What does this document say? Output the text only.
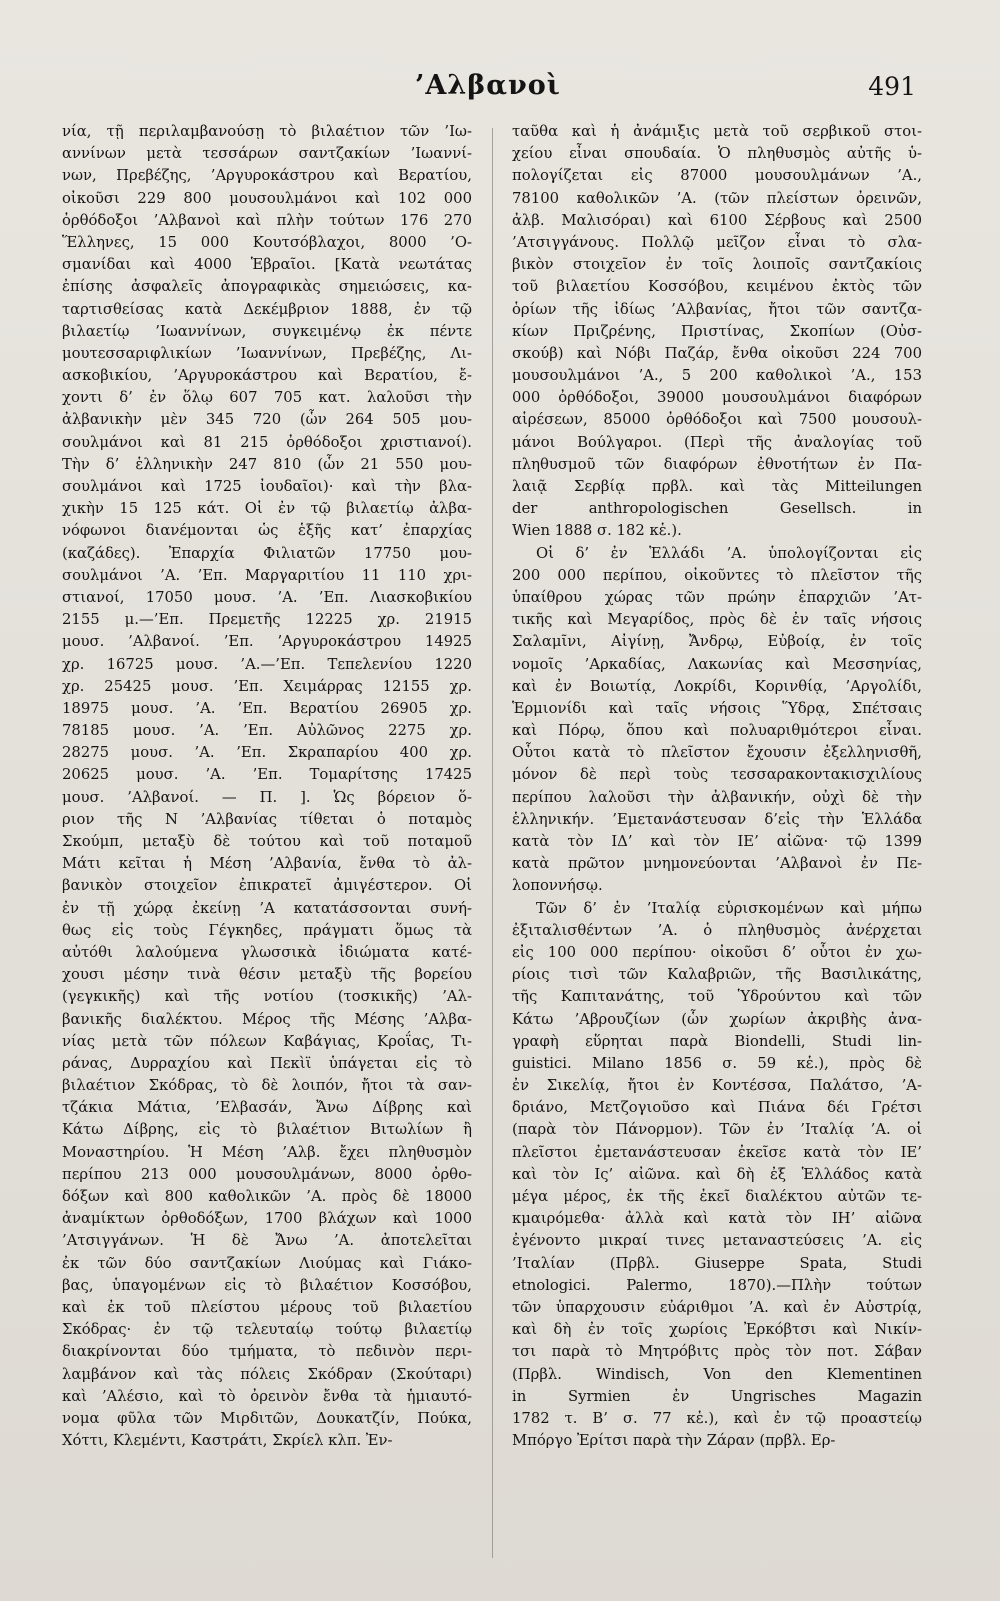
’Αλβανοὶ	491
νία, τῇ περιλαμβανούσῃ τὸ βιλαέτιον τῶν ’Ιω-
αννίνων μετὰ τεσσάρων σαντζακίων ’Ιωαννί-
νων, Πρεβέζης, ’Αργυροκάστρου καὶ Βερατίου,
οἰκοῦσι 229 800 μουσουλμάνοι καὶ 102 000
ὀρθόδοξοι ’Αλβανοὶ καὶ πλὴν τούτων 176 270
Ἕλληνες, 15 000 Κουτσόβλαχοι, 8000 ’Ο-
σμανίδαι καὶ 4000 Ἑβραῖοι. [Κατὰ νεωτάτας
ἐπίσης ἀσφαλεῖς ἀπογραφικὰς σημειώσεις, κα-
ταρτισθείσας κατὰ Δεκέμβριον 1888, ἐν τῷ
βιλαετίῳ ’Ιωαννίνων, συγκειμένῳ ἐκ πέντε
μουτεσσαριφλικίων ’Ιωαννίνων, Πρεβέζης, Λι-
ασκοβικίου, ’Αργυροκάστρου καὶ Βερατίου, ἔ-
χοντι δ’ ἐν ὅλῳ 607 705 κατ. λαλοῦσι τὴν
ἀλβανικὴν μὲν 345 720 (ὧν 264 505 μου-
σουλμάνοι καὶ 81 215 ὀρθόδοξοι χριστιανοί).
Τὴν δ’ ἑλληνικὴν 247 810 (ὧν 21 550 μου-
σουλμάνοι καὶ 1725 ἰουδαῖοι)· καὶ τὴν βλα-
χικὴν 15 125 κάτ. Οἱ ἐν τῷ βιλαετίῳ ἀλβα-
νόφωνοι διανέμονται ὡς ἑξῆς κατ’ ἐπαρχίας
(καζάδες). Ἐπαρχία Φιλιατῶν 17750 μου-
σουλμάνοι ’Α. ’Επ. Μαργαριτίου 11 110 χρι-
στιανοί, 17050 μουσ. ’Α. ’Επ. Λιασκοβικίου
2155 μ.—’Επ. Πρεμετῆς 12225 χρ. 21915
μουσ. ’Αλβανοί. ’Επ. ’Αργυροκάστρου 14925
χρ. 16725 μουσ. ’Α.—’Επ. Τεπελενίου 1220
χρ. 25425 μουσ. ’Επ. Χειμάρρας 12155 χρ.
18975 μουσ. ’Α. ’Επ. Βερατίου 26905 χρ.
78185 μουσ. ’Α. ’Επ. Αὐλῶνος 2275 χρ.
28275 μουσ. ’Α. ’Επ. Σκραπαρίου 400 χρ.
20625 μουσ. ’Α. ’Επ. Τομαρίτσης 17425
μουσ. ’Αλβανοί. — Π. ]. Ὡς βόρειον ὅ-
ριον τῆς Ν ’Αλβανίας τίθεται ὁ ποταμὸς
Σκούμπ, μεταξὺ δὲ τούτου καὶ τοῦ ποταμοῦ
Μάτι κεῖται ἡ Μέση ’Αλβανία, ἔνθα τὸ ἀλ-
βανικὸν στοιχεῖον ἐπικρατεῖ ἀμιγέστερον. Οἱ
ἐν τῇ χώρᾳ ἐκείνῃ ’Α κατατάσσονται συνή-
θως εἰς τοὺς Γέγκηδες, πράγματι ὅμως τὰ
αὐτόθι λαλούμενα γλωσσικὰ ἰδιώματα κατέ-
χουσι μέσην τινὰ θέσιν μεταξὺ τῆς βορείου
(γεγκικῆς) καὶ τῆς νοτίου (τοσκικῆς) ’Αλ-
βανικῆς διαλέκτου. Μέρος τῆς Μέσης ’Αλβα-
νίας μετὰ τῶν πόλεων Καβάγιας, Κροΐας, Τι-
ράνας, Δυρραχίου καὶ Πεκὶϊ ὑπάγεται εἰς τὸ
βιλαέτιον Σκόδρας, τὸ δὲ λοιπόν, ἤτοι τὰ σαν-
τζάκια Μάτια, ’Ελβασάν, Ἄνω Δίβρης καὶ
Κάτω Δίβρης, εἰς τὸ βιλαέτιον Βιτωλίων ἢ
Μοναστηρίου. Ἡ Μέση ’Αλβ. ἔχει πληθυσμὸν
περίπου 213 000 μουσουλμάνων, 8000 ὀρθο-
δόξων καὶ 800 καθολικῶν ’Α. πρὸς δὲ 18000
ἀναμίκτων ὀρθοδόξων, 1700 βλάχων καὶ 1000
’Ατσιγγάνων. Ἡ δὲ Ἄνω ’Α. ἀποτελεῖται
ἐκ τῶν δύο σαντζακίων Λιούμας καὶ Γιάκο-
βας, ὑπαγομένων εἰς τὸ βιλαέτιον Κοσσόβου,
καὶ ἐκ τοῦ πλείστου μέρους τοῦ βιλαετίου
Σκόδρας· ἐν τῷ τελευταίῳ τούτῳ βιλαετίῳ
διακρίνονται δύο τμήματα, τὸ πεδινὸν περι-
λαμβάνον καὶ τὰς πόλεις Σκόδραν (Σκούταρι)
καὶ ’Αλέσιο, καὶ τὸ ὀρεινὸν ἔνθα τὰ ἡμιαυτό-
νομα φῦλα τῶν Μιρδιτῶν, Δουκατζίν, Πούκα,
Χόττι, Κλεμέντι, Καστράτι, Σκρίελ κλπ. Ἐν-
ταῦθα καὶ ἡ ἀνάμιξις μετὰ τοῦ σερβικοῦ στοι-
χείου εἶναι σπουδαία. Ὁ πληθυσμὸς αὐτῆς ὑ-
πολογίζεται εἰς 87000 μουσουλμάνων ’Α.,
78100 καθολικῶν ’Α. (τῶν πλείστων ὀρεινῶν,
ἀλβ. Μαλισόραι) καὶ 6100 Σέρβους καὶ 2500
’Ατσιγγάνους. Πολλῷ μεῖζον εἶναι τὸ σλα-
βικὸν στοιχεῖον ἐν τοῖς λοιποῖς σαντζακίοις
τοῦ βιλαετίου Κοσσόβου, κειμένου ἐκτὸς τῶν
ὁρίων τῆς ἰδίως ’Αλβανίας, ἤτοι τῶν σαντζα-
κίων Πριζρένης, Πριστίνας, Σκοπίων (Οὐσ-
σκούβ) καὶ Νόβι Παζάρ, ἔνθα οἰκοῦσι 224 700
μουσουλμάνοι ’Α., 5 200 καθολικοὶ ’Α., 153
000 ὀρθόδοξοι, 39000 μουσουλμάνοι διαφόρων
αἱρέσεων, 85000 ὀρθόδοξοι καὶ 7500 μουσουλ-
μάνοι Βούλγαροι. (Περὶ τῆς ἀναλογίας τοῦ
πληθυσμοῦ τῶν διαφόρων ἐθνοτήτων ἐν Πα-
λαιᾷ Σερβίᾳ πρβλ. καὶ τὰς Mitteilungen
der anthropologischen Gesellsch. in
Wien 1888 σ. 182 κἑ.).
Οἱ δ’ ἐν Ἑλλάδι ’Α. ὑπολογίζονται εἰς
200 000 περίπου, οἰκοῦντες τὸ πλεῖστον τῆς
ὑπαίθρου χώρας τῶν πρώην ἐπαρχιῶν ’Ατ-
τικῆς καὶ Μεγαρίδος, πρὸς δὲ ἐν ταῖς νήσοις
Σαλαμῖνι, Αἰγίνῃ, Ἄνδρῳ, Εὐβοίᾳ, ἐν τοῖς
νομοῖς ’Αρκαδίας, Λακωνίας καὶ Μεσσηνίας,
καὶ ἐν Βοιωτίᾳ, Λοκρίδι, Κορινθίᾳ, ’Αργολίδι,
Ἑρμιονίδι καὶ ταῖς νήσοις Ὕδρᾳ, Σπέτσαις
καὶ Πόρῳ, ὅπου καὶ πολυαριθμότεροι εἶναι.
Οὗτοι κατὰ τὸ πλεῖστον ἔχουσιν ἐξελληνισθῆ,
μόνον δὲ περὶ τοὺς τεσσαρακοντακισχιλίους
περίπου λαλοῦσι τὴν ἀλβανικήν, οὐχὶ δὲ τὴν
ἑλληνικήν. ’Εμετανάστευσαν δ’εἰς τὴν Ἑλλάδα
κατὰ τὸν ΙΔ’ καὶ τὸν ΙΕ’ αἰῶνα· τῷ 1399
κατὰ πρῶτον μνημονεύονται ’Αλβανοὶ ἐν Πε-
λοποννήσῳ.
Τῶν δ’ ἐν ’Ιταλίᾳ εὑρισκομένων καὶ μήπω
ἐξιταλισθέντων ’Α. ὁ πληθυσμὸς ἀνέρχεται
εἰς 100 000 περίπου· οἰκοῦσι δ’ οὗτοι ἐν χω-
ρίοις τισὶ τῶν Καλαβριῶν, τῆς Βασιλικάτης,
τῆς Καπιτανάτης, τοῦ Ὑδρούντου καὶ τῶν
Κάτω ’Αβρουζίων (ὧν χωρίων ἀκριβὴς ἀνα-
γραφὴ εὕρηται παρὰ Biondelli, Studi lin-
guistici. Milano 1856 σ. 59 κἑ.), πρὸς δὲ
ἐν Σικελίᾳ, ἤτοι ἐν Κοντέσσα, Παλάτσο, ’Α-
δριάνο, Μετζογιοῦσο καὶ Πιάνα δέι Γρέτσι
(παρὰ τὸν Πάνορμον). Τῶν ἐν ’Ιταλίᾳ ’Α. οἱ
πλεῖστοι ἐμετανάστευσαν ἐκεῖσε κατὰ τὸν ΙΕ’
καὶ τὸν Ις’ αἰῶνα. καὶ δὴ ἐξ Ἑλλάδος κατὰ
μέγα μέρος, ἐκ τῆς ἐκεῖ διαλέκτου αὐτῶν τε-
κμαιρόμεθα· ἀλλὰ καὶ κατὰ τὸν ΙΗ’ αἰῶνα
ἐγένοντο μικραί τινες μεταναστεύσεις ’Α. εἰς
’Ιταλίαν (Πρβλ. Giuseppe Spata, Studi
etnologici. Palermo, 1870).—Πλὴν τούτων
τῶν ὑπαρχουσιν εὐάριθμοι ’Α. καὶ ἐν Αὐστρίᾳ,
καὶ δὴ ἐν τοῖς χωρίοις Ἐρκόβτσι καὶ Νικίν-
τσι παρὰ τὸ Μητρόβιτς πρὸς τὸν ποτ. Σάβαν
(Πρβλ. Windisch, Von den Klementinen
in Syrmien ἐν Ungrisches Magazin
1782 τ. Β’ σ. 77 κἑ.), καὶ ἐν τῷ προαστείῳ
Μπόργο Ἐρίτσι παρὰ τὴν Ζάραν (πρβλ. Ερ-
